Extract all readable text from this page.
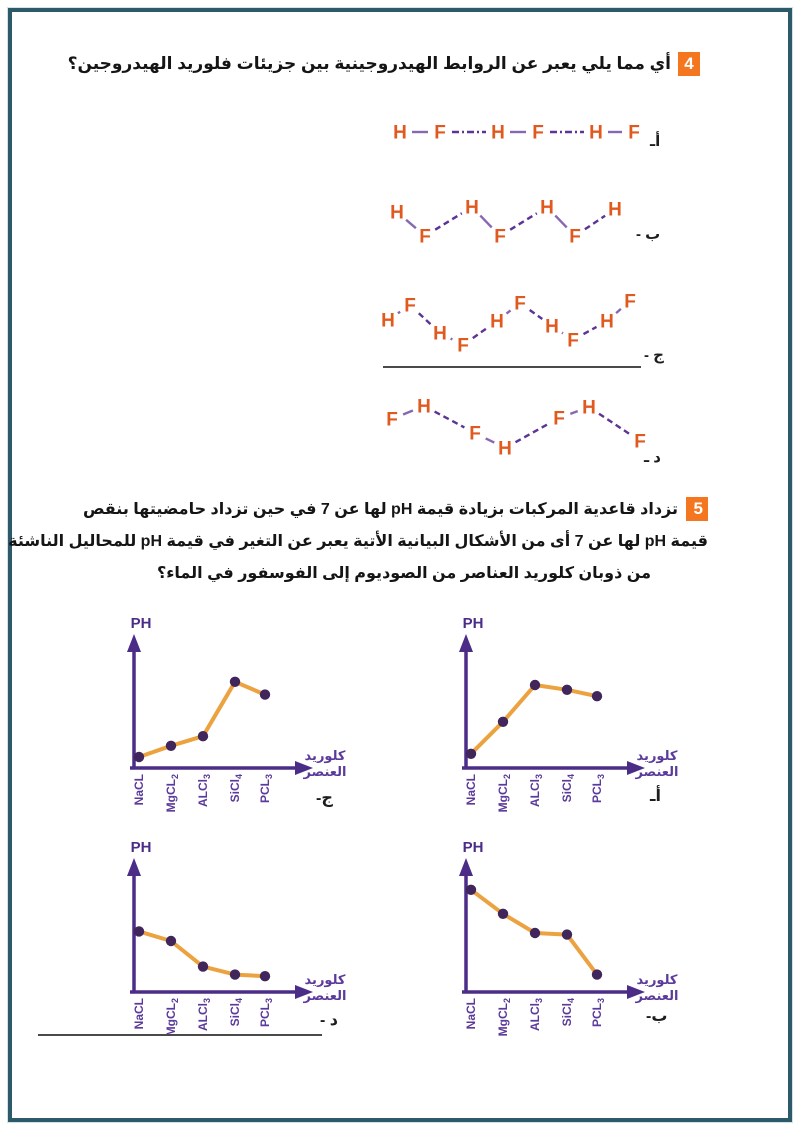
4أي مما يلي يعبر عن الروابط الهيدروجينية بين جزيئات فلوريد الهيدروجين؟
H F H F H F أـ
H
F
H
F
H
F
H
ب -
H
F
H
F
H
F
H
F
H
F
ج -
F
H
F
H
F
H
F
د ـ
5تزداد قاعدية المركبات بزيادة قيمة pH لها عن 7 في حين تزداد حامضيتها بنقص
قيمة pH لها عن 7 أى من الأشكال البيانية الأتية يعبر عن التغير في قيمة pH للمحاليل الناشئة
من ذوبان كلوريد العناصر من الصوديوم إلى الفوسفور في الماء؟
PH
NaCL MgCL$_2$
ALCl$_3$
SiCl$_4$
$PCL_3$
كلوريد
العنصر
ج-
PH
NaCL MgCL$_2$
ALCl$_3$
SiCl$_4$
$PCL_3$
كلوريد
العنصر
أـ
PH
NaCL MgCL$_2$
ALCl$_3$
SiCl$_4$
$PCL_3$
كلوريد
العنصر
د -
PH
NaCL MgCL$_2$
ALCl$_3$
SiCl$_4$
$PCL_3$
كلوريد
العنصر
ب-
